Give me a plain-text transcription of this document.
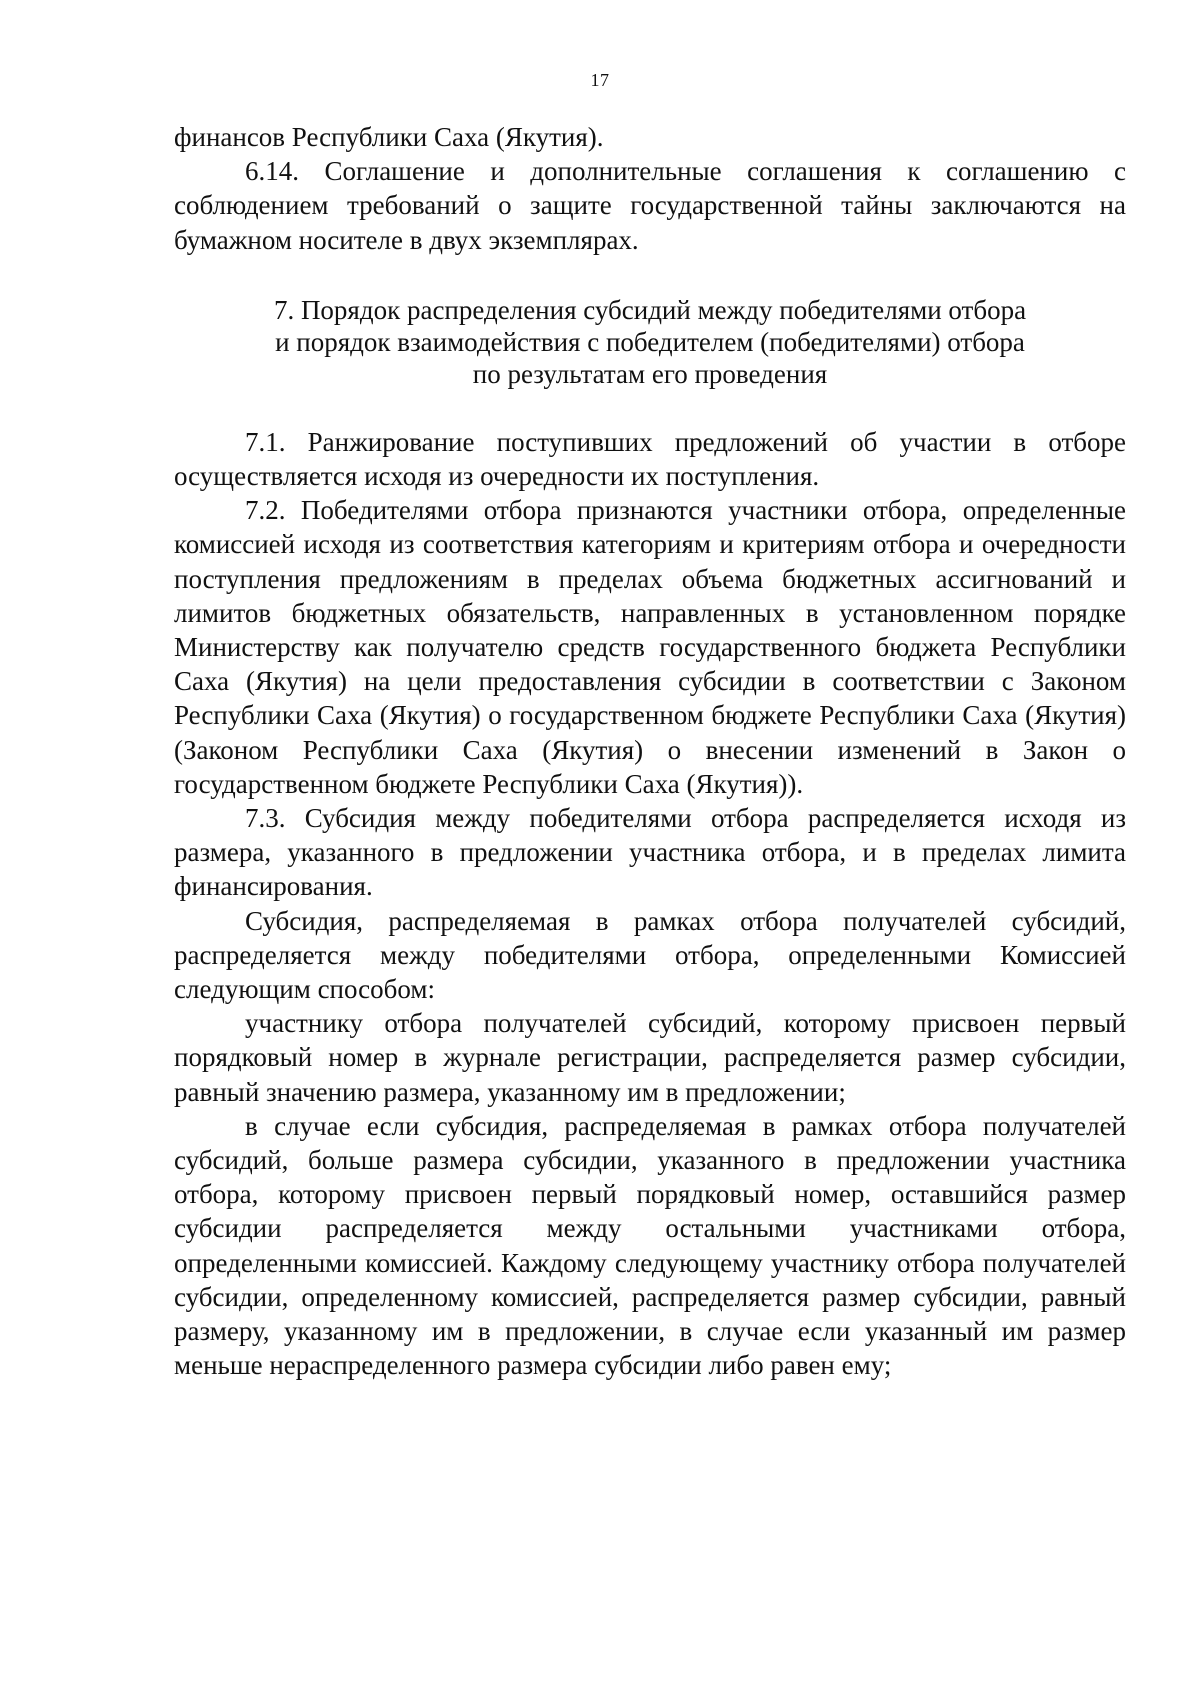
17

финансов Республики Саха (Якутия).

6.14. Соглашение и дополнительные соглашения к соглашению с соблюдением требований о защите государственной тайны заключаются на бумажном носителе в двух экземплярах.

7. Порядок распределения субсидий между победителями отбора
и порядок взаимодействия с победителем (победителями) отбора
по результатам его проведения

7.1. Ранжирование поступивших предложений об участии в отборе осуществляется исходя из очередности их поступления.

7.2. Победителями отбора признаются участники отбора, определенные комиссией исходя из соответствия категориям и критериям отбора и очередности поступления предложениям в пределах объема бюджетных ассигнований и лимитов бюджетных обязательств, направленных в установленном порядке Министерству как получателю средств государственного бюджета Республики Саха (Якутия) на цели предоставления субсидии в соответствии с Законом Республики Саха (Якутия) о государственном бюджете Республики Саха (Якутия) (Законом Республики Саха (Якутия) о внесении изменений в Закон о государственном бюджете Республики Саха (Якутия)).

7.3. Субсидия между победителями отбора распределяется исходя из размера, указанного в предложении участника отбора, и в пределах лимита финансирования.

Субсидия, распределяемая в рамках отбора получателей субсидий, распределяется между победителями отбора, определенными Комиссией следующим способом:

участнику отбора получателей субсидий, которому присвоен первый порядковый номер в журнале регистрации, распределяется размер субсидии, равный значению размера, указанному им в предложении;

в случае если субсидия, распределяемая в рамках отбора получателей субсидий, больше размера субсидии, указанного в предложении участника отбора, которому присвоен первый порядковый номер, оставшийся размер субсидии распределяется между остальными участниками отбора, определенными комиссией. Каждому следующему участнику отбора получателей субсидии, определенному комиссией, распределяется размер субсидии, равный размеру, указанному им в предложении, в случае если указанный им размер меньше нераспределенного размера субсидии либо равен ему;
